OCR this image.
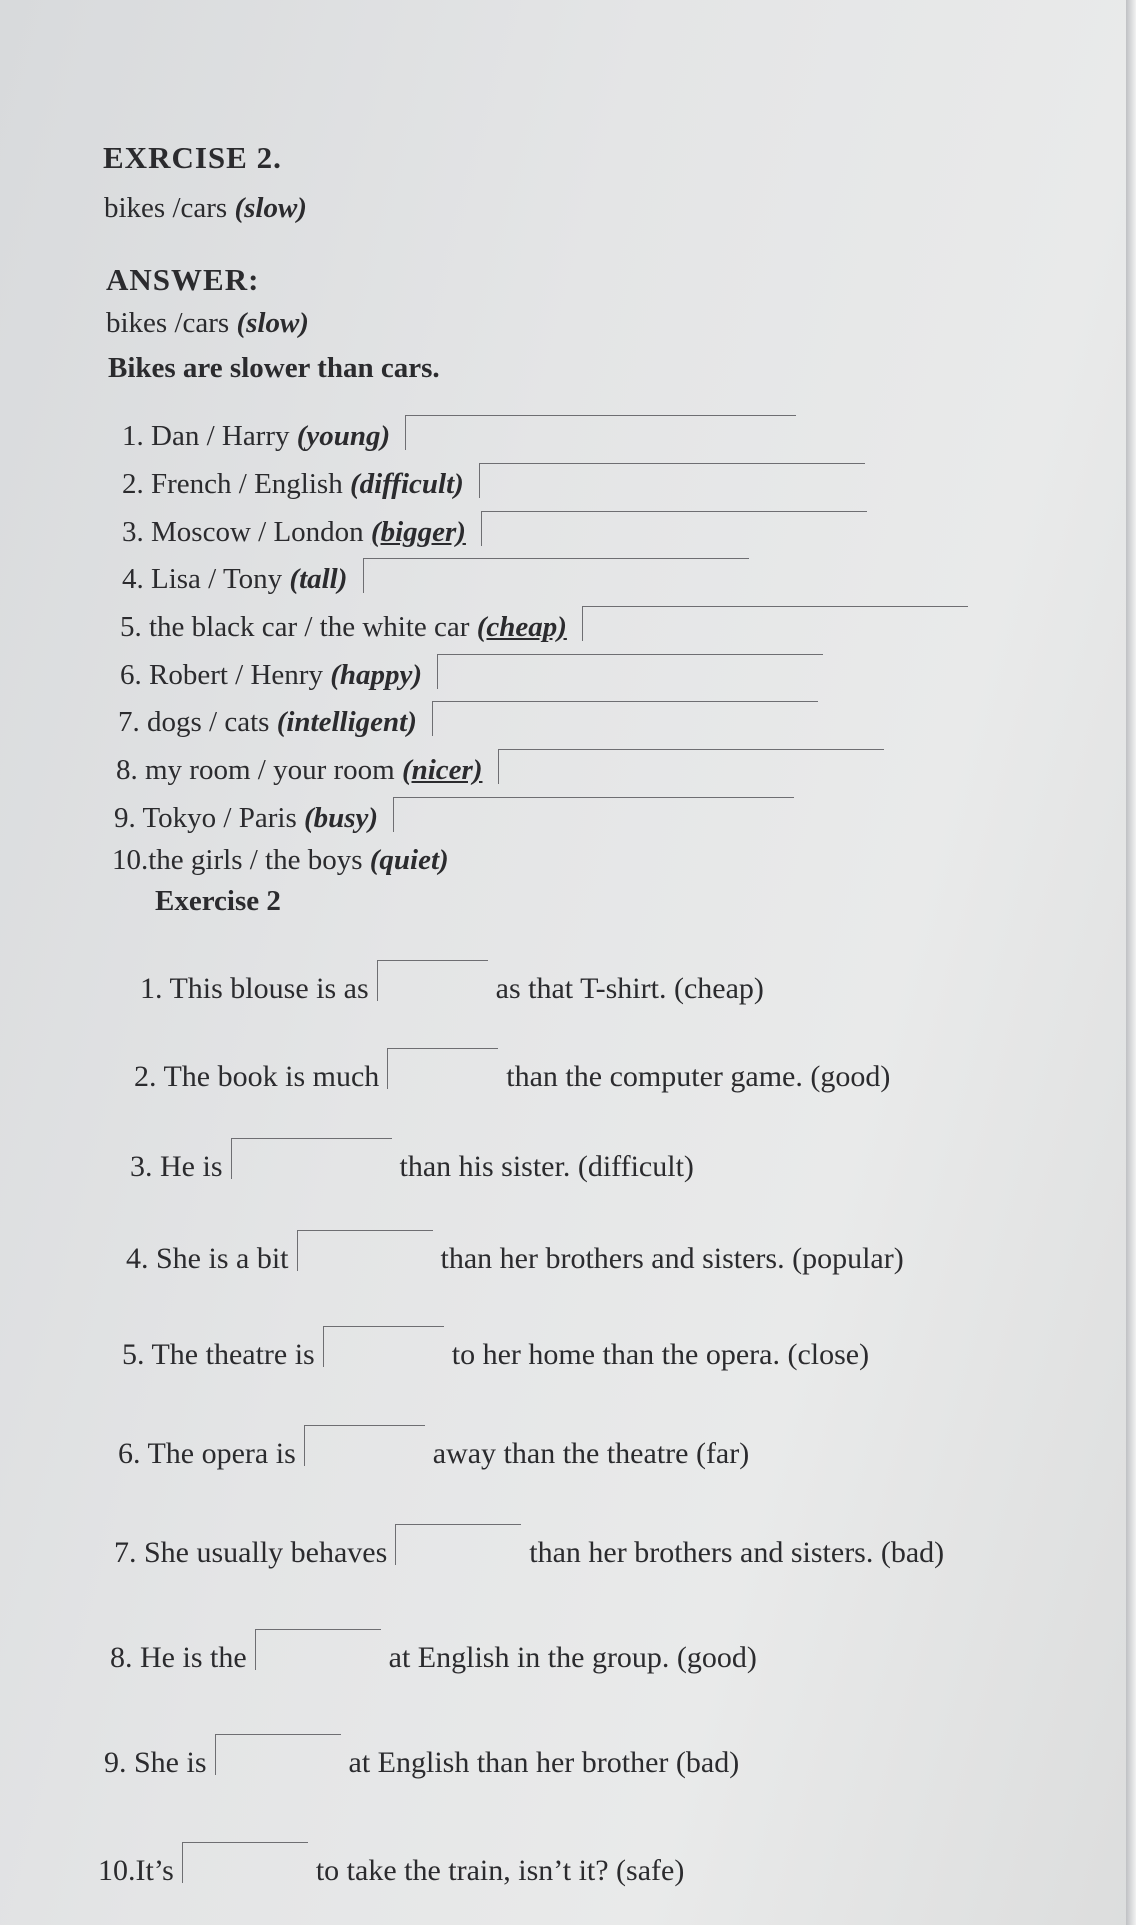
EXRCISE 2.
bikes /cars (slow)
ANSWER:
bikes /cars (slow)
Bikes are slower than cars.
1. Dan / Harry (young)
2. French / English (difficult)
3. Moscow / London (bigger)
4. Lisa / Tony (tall)
5. the black car / the white car (cheap)
6. Robert / Henry (happy)
7. dogs / cats (intelligent)
8. my room / your room (nicer)
9. Tokyo / Paris (busy)
10.the girls / the boys (quiet)
Exercise 2
1. This blouse is as	as that T-shirt. (cheap)
2. The book is much	than the computer game. (good)
3. He is	than his sister. (difficult)
4. She is a bit	than her brothers and sisters. (popular)
5. The theatre is	to her home than the opera. (close)
6. The opera is	away than the theatre (far)
7. She usually behaves	than her brothers and sisters. (bad)
8. He is the	at English in the group. (good)
9. She is	at English than her brother (bad)
10.It’s	to take the train, isn’t it? (safe)
